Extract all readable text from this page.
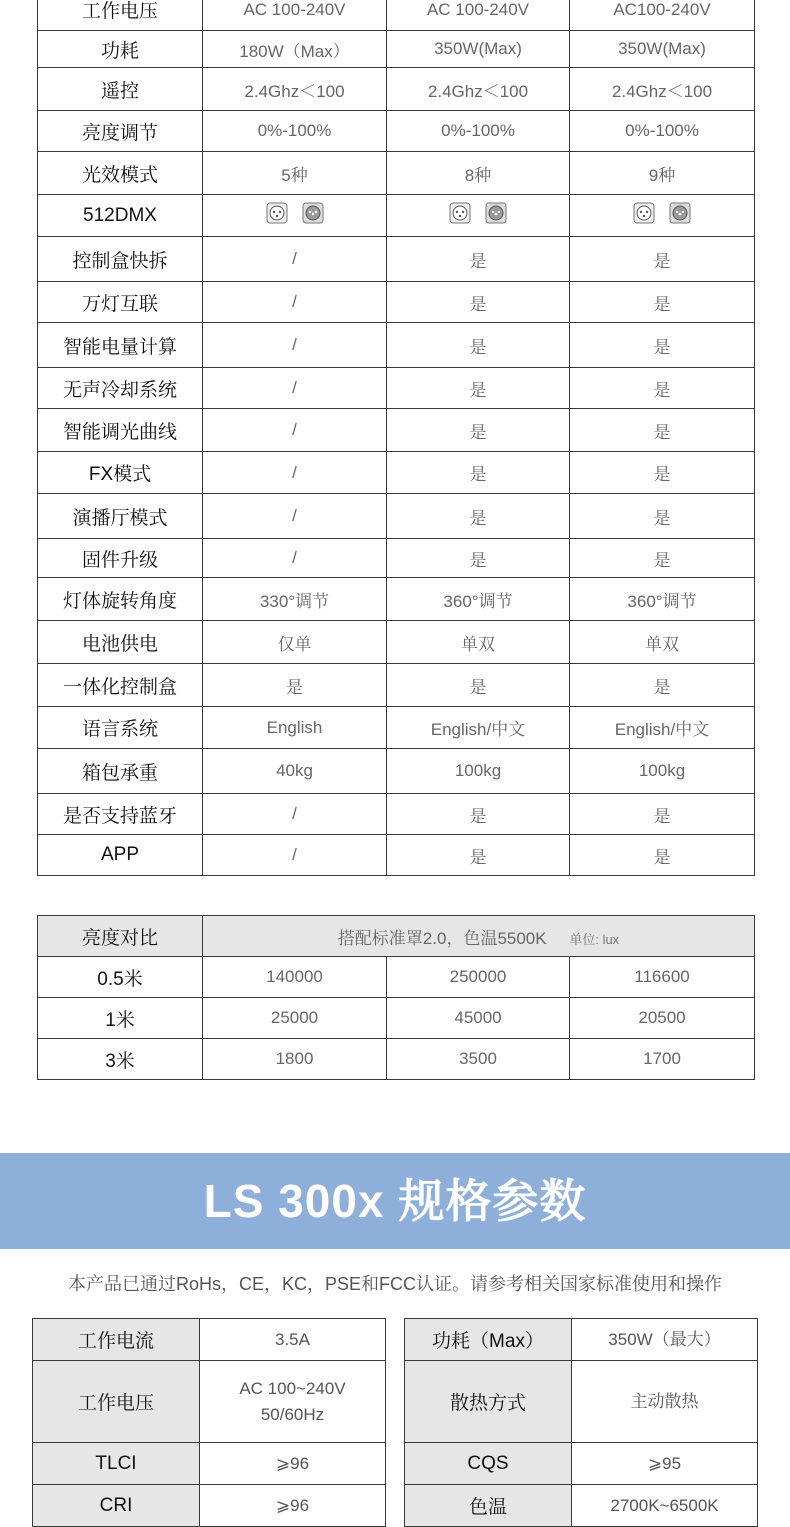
工作电压	AC 100-240V	AC 100-240V	AC100-240V
功耗	180W（Max）	350W(Max)	350W(Max)
遥控	2.4Ghz＜100	2.4Ghz＜100	2.4Ghz＜100
亮度调节	0%-100%	0%-100%	0%-100%
光效模式	5种	8种	9种
512DMX	

控制盒快拆	/	是	是
万灯互联	/	是	是
智能电量计算	/	是	是
无声冷却系统	/	是	是
智能调光曲线	/	是	是
FX模式	/	是	是
演播厅模式	/	是	是
固件升级	/	是	是
灯体旋转角度	330°调节	360°调节	360°调节
电池供电	仅单	单双	单双
一体化控制盒	是	是	是
语言系统	English	English/中文	English/中文
箱包承重	40kg	100kg	100kg
是否支持蓝牙	/	是	是
APP	/	是	是
亮度对比	搭配标准罩2.0，色温5500K 单位: lux		
0.5米	140000	250000	116600
1米	25000	45000	20500
3米	1800	3500	1700
LS 300x 规格参数
本产品已通过RoHs，CE，KC，PSE和FCC认证。请参考相关国家标准使用和操作
工作电流	3.5A
工作电压	AC 100~240V
50/60Hz
TLCI	⩾96
CRI	⩾96
功耗（Max）	350W（最大）
散热方式	主动散热
CQS	⩾95
色温	2700K~6500K
